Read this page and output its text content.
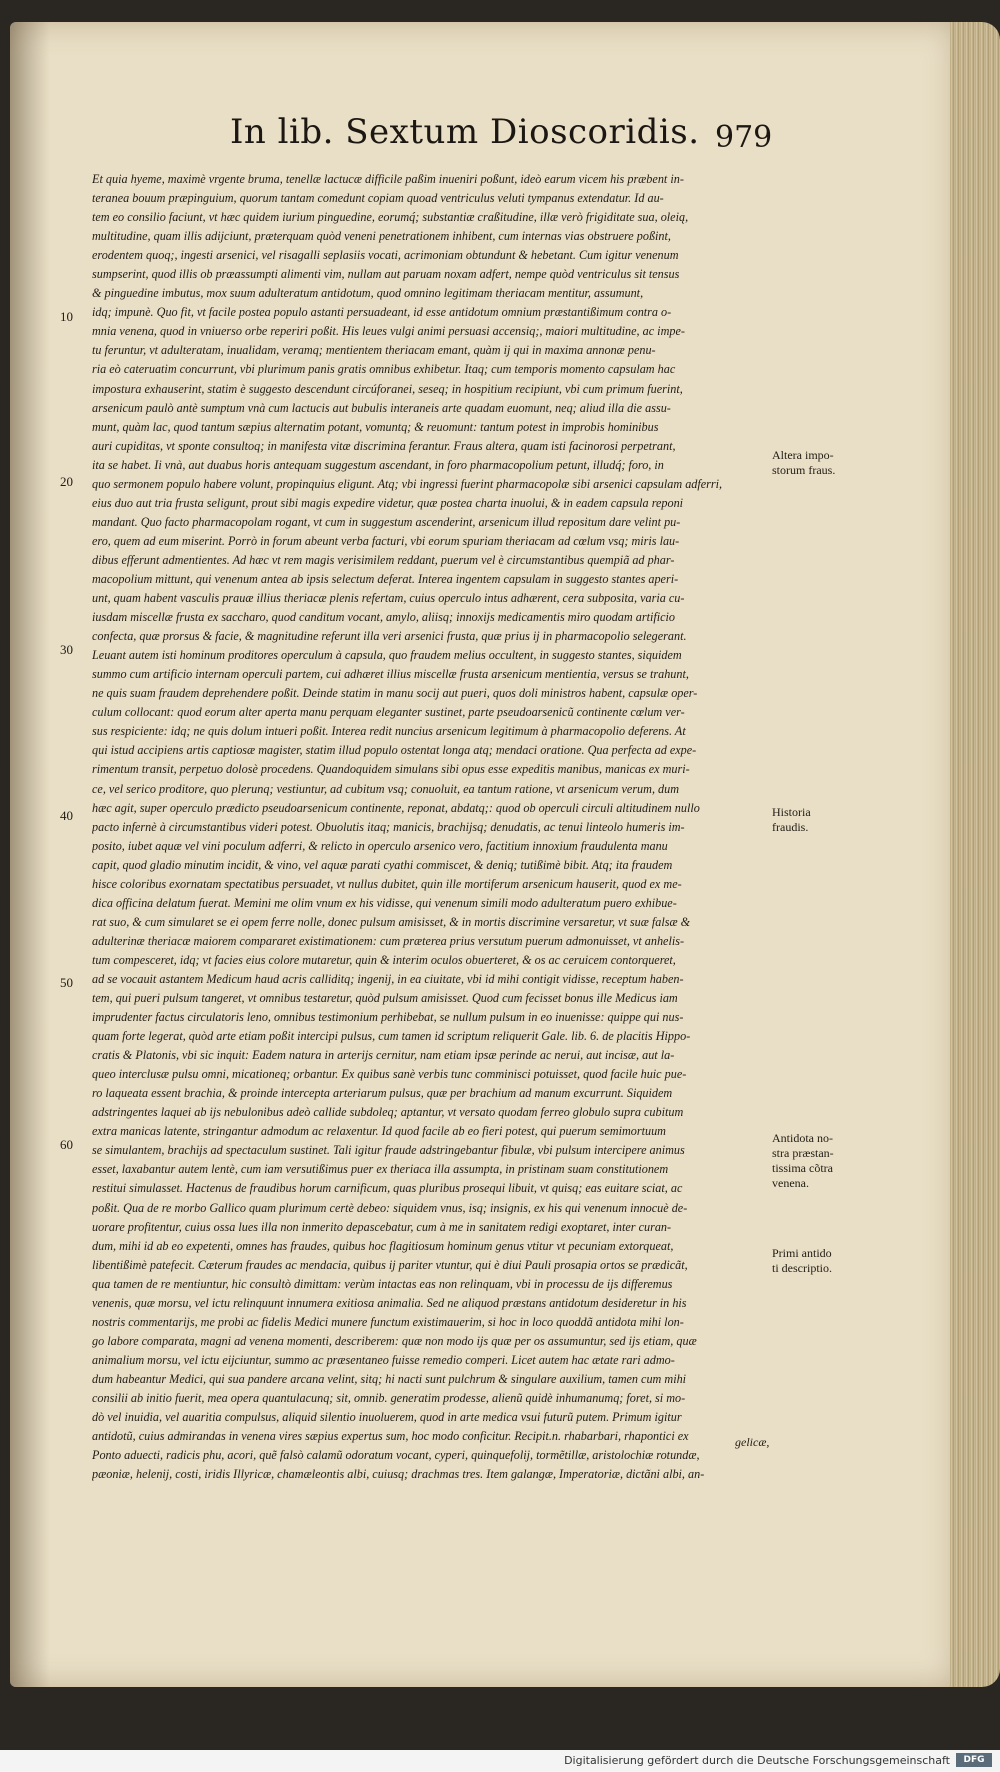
In lib. Sextum Dioscoridis. 979
Et quia hyeme, maximè vrgente bruma, tenellæ lactucæ difficile paßim inueniri poßunt, ideò earum vicem his præbent in-
teranea bouum præpinguium, quorum tantam comedunt copiam quoad ventriculus veluti tympanus extendatur. Id au-
tem eo consilio faciunt, vt hæc quidem iurium pinguedine, eorumq́; substantiæ craßitudine, illæ verò frigiditate sua, oleią,
multitudine, quam illis adijciunt, præterquam quòd veneni penetrationem inhibent, cum internas vias obstruere poßint,
erodentem quoq;, ingesti arsenici, vel risagalli seplasiis vocati, acrimoniam obtundunt & hebetant. Cum igitur venenum
sumpserint, quod illis ob præassumpti alimenti vim, nullam aut paruam noxam adfert, nempe quòd ventriculus sit tensus
& pinguedine imbutus, mox suum adulteratum antidotum, quod omnino legitimam theriacam mentitur, assumunt,
idq; impunè. Quo fit, vt facile postea populo astanti persuadeant, id esse antidotum omnium præstantißimum contra o-
mnia venena, quod in vniuerso orbe reperiri poßit. His leues vulgi animi persuasi accensiq;, maiori multitudine, ac impe-
tu feruntur, vt adulteratam, inualidam, veramq; mentientem theriacam emant, quàm ij qui in maxima annonæ penu-
ria eò cateruatim concurrunt, vbi plurimum panis gratis omnibus exhibetur. Itaq; cum temporis momento capsulam hac
impostura exhauserint, statim è suggesto descendunt circúforanei, seseq; in hospitium recipiunt, vbi cum primum fuerint,
arsenicum paulò antè sumptum vnà cum lactucis aut bubulis interaneis arte quadam euomunt, neq; aliud illa die assu-
munt, quàm lac, quod tantum sæpius alternatim potant, vomuntq; & reuomunt: tantum potest in improbis hominibus
auri cupiditas, vt sponte consultoq; in manifesta vitæ discrimina ferantur. Fraus altera, quam isti facinorosi perpetrant,
ita se habet. Ii vnà, aut duabus horis antequam suggestum ascendant, in foro pharmacopolium petunt, illudq́; foro, in
quo sermonem populo habere volunt, propinquius eligunt. Atq; vbi ingressi fuerint pharmacopolæ sibi arsenici capsulam adferri,
eius duo aut tria frusta seligunt, prout sibi magis expedire videtur, quæ postea charta inuolui, & in eadem capsula reponi
mandant. Quo facto pharmacopolam rogant, vt cum in suggestum ascenderint, arsenicum illud repositum dare velint pu-
ero, quem ad eum miserint. Porrò in forum abeunt verba facturi, vbi eorum spuriam theriacam ad cœlum vsq; miris lau-
dibus efferunt admentientes. Ad hæc vt rem magis verisimilem reddant, puerum vel è circumstantibus quempiã ad phar-
macopolium mittunt, qui venenum antea ab ipsis selectum deferat. Interea ingentem capsulam in suggesto stantes aperi-
unt, quam habent vasculis prauæ illius theriacæ plenis refertam, cuius operculo intus adhærent, cera subposita, varia cu-
iusdam miscellæ frusta ex saccharo, quod canditum vocant, amylo, aliisq; innoxijs medicamentis miro quodam artificio
confecta, quæ prorsus & facie, & magnitudine referunt illa veri arsenici frusta, quæ prius ij in pharmacopolio selegerant.
Leuant autem isti hominum proditores operculum à capsula, quo fraudem melius occultent, in suggesto stantes, siquidem
summo cum artificio internam operculi partem, cui adhæret illius miscellæ frusta arsenicum mentientia, versus se trahunt,
ne quis suam fraudem deprehendere poßit. Deinde statim in manu socij aut pueri, quos doli ministros habent, capsulæ oper-
culum collocant: quod eorum alter aperta manu perquam eleganter sustinet, parte pseudoarsenicũ continente cœlum ver-
sus respiciente: idq; ne quis dolum intueri poßit. Interea redit nuncius arsenicum legitimum à pharmacopolio deferens. At
qui istud accipiens artis captiosæ magister, statim illud populo ostentat longa atq; mendaci oratione. Qua perfecta ad expe-
rimentum transit, perpetuo dolosè procedens. Quandoquidem simulans sibi opus esse expeditis manibus, manicas ex muri-
ce, vel serico proditore, quo plerunq; vestiuntur, ad cubitum vsq; conuoluit, ea tantum ratione, vt arsenicum verum, dum
hæc agit, super operculo prædicto pseudoarsenicum continente, reponat, abdatq;: quod ob operculi circuli altitudinem nullo
pacto infernè à circumstantibus videri potest. Obuolutis itaq; manicis, brachijsq; denudatis, ac tenui linteolo humeris im-
posito, iubet aquæ vel vini poculum adferri, & relicto in operculo arsenico vero, factitium innoxium fraudulenta manu
capit, quod gladio minutim incidit, & vino, vel aquæ parati cyathi commiscet, & deniq; tutißimè bibit. Atq; ita fraudem
hisce coloribus exornatam spectatibus persuadet, vt nullus dubitet, quin ille mortiferum arsenicum hauserit, quod ex me-
dica officina delatum fuerat. Memini me olim vnum ex his vidisse, qui venenum simili modo adulteratum puero exhibue-
rat suo, & cum simularet se ei opem ferre nolle, donec pulsum amisisset, & in mortis discrimine versaretur, vt suæ falsæ &
adulterinæ theriacæ maiorem compararet existimationem: cum præterea prius versutum puerum admonuisset, vt anhelis-
tum compesceret, idq; vt facies eius colore mutaretur, quin & interim oculos obuerteret, & os ac ceruicem contorqueret,
ad se vocauit astantem Medicum haud acris calliditq; ingenij, in ea ciuitate, vbi id mihi contigit vidisse, receptum haben-
tem, qui pueri pulsum tangeret, vt omnibus testaretur, quòd pulsum amisisset. Quod cum fecisset bonus ille Medicus iam
imprudenter factus circulatoris leno, omnibus testimonium perhibebat, se nullum pulsum in eo inuenisse: quippe qui nus-
quam forte legerat, quòd arte etiam poßit intercipi pulsus, cum tamen id scriptum reliquerit Gale. lib. 6. de placitis Hippo-
cratis & Platonis, vbi sic inquit: Eadem natura in arterijs cernitur, nam etiam ipsæ perinde ac nerui, aut incisæ, aut la-
queo interclusæ pulsu omni, micationeq; orbantur. Ex quibus sanè verbis tunc comminisci potuisset, quod facile huic pue-
ro laqueata essent brachia, & proinde intercepta arteriarum pulsus, quæ per brachium ad manum excurrunt. Siquidem
adstringentes laquei ab ijs nebulonibus adeò callide subdoleq; aptantur, vt versato quodam ferreo globulo supra cubitum
extra manicas latente, stringantur admodum ac relaxentur. Id quod facile ab eo fieri potest, qui puerum semimortuum
se simulantem, brachijs ad spectaculum sustinet. Tali igitur fraude adstringebantur fibulæ, vbi pulsum intercipere animus
esset, laxabantur autem lentè, cum iam versutißimus puer ex theriaca illa assumpta, in pristinam suam constitutionem
restitui simulasset. Hactenus de fraudibus horum carnificum, quas pluribus prosequi libuit, vt quisq; eas euitare sciat, ac
poßit. Qua de re morbo Gallico quam plurimum certè debeo: siquidem vnus, isq; insignis, ex his qui venenum innocuè de-
uorare profitentur, cuius ossa lues illa non inmerito depascebatur, cum à me in sanitatem redigi exoptaret, inter curan-
dum, mihi id ab eo expetenti, omnes has fraudes, quibus hoc flagitiosum hominum genus vtitur vt pecuniam extorqueat,
libentißimè patefecit. Cæterum fraudes ac mendacia, quibus ij pariter vtuntur, qui è diui Pauli prosapia ortos se prædicãt,
qua tamen de re mentiuntur, hic consultò dimittam: verùm intactas eas non relinquam, vbi in processu de ijs differemus
venenis, quæ morsu, vel ictu relinquunt innumera exitiosa animalia. Sed ne aliquod præstans antidotum desideretur in his
nostris commentarijs, me probi ac fidelis Medici munere functum existimauerim, si hoc in loco quoddã antidota mihi lon-
go labore comparata, magni ad venena momenti, describerem: quæ non modo ijs quæ per os assumuntur, sed ijs etiam, quæ
animalium morsu, vel ictu eijciuntur, summo ac præsentaneo fuisse remedio comperi. Licet autem hac ætate rari admo-
dum habeantur Medici, qui sua pandere arcana velint, sitq; hi nacti sunt pulchrum & singulare auxilium, tamen cum mihi
consilii ab initio fuerit, mea opera quantulacunq; sit, omnib. generatim prodesse, alienũ quidè inhumanumq; foret, si mo-
dò vel inuidia, vel auaritia compulsus, aliquid silentio inuoluerem, quod in arte medica vsui futurũ putem. Primum igitur
antidotũ, cuius admirandas in venena vires sæpius expertus sum, hoc modo conficitur. Recipit.n. rhabarbari, rhapontici ex
Ponto aduecti, radicis phu, acori, quẽ falsò calamũ odoratum vocant, cyperi, quinquefolij, tormẽtillæ, aristolochiæ rotundæ,
pæoniæ, helenij, costi, iridis Illyricæ, chamæleontis albi, cuiusq; drachmas tres. Item galangæ, Imperatoriæ, dictãni albi, an-
10
20
30
40
50
60
Altera impo-
storum fraus.
Historia
fraudis.
Antidota no-
stra præstan-
tissima cõtra
venena.
Primi antido
ti descriptio.
gelicæ,
Digitalisierung gefördert durch die Deutsche Forschungsgemeinschaft	DFG
